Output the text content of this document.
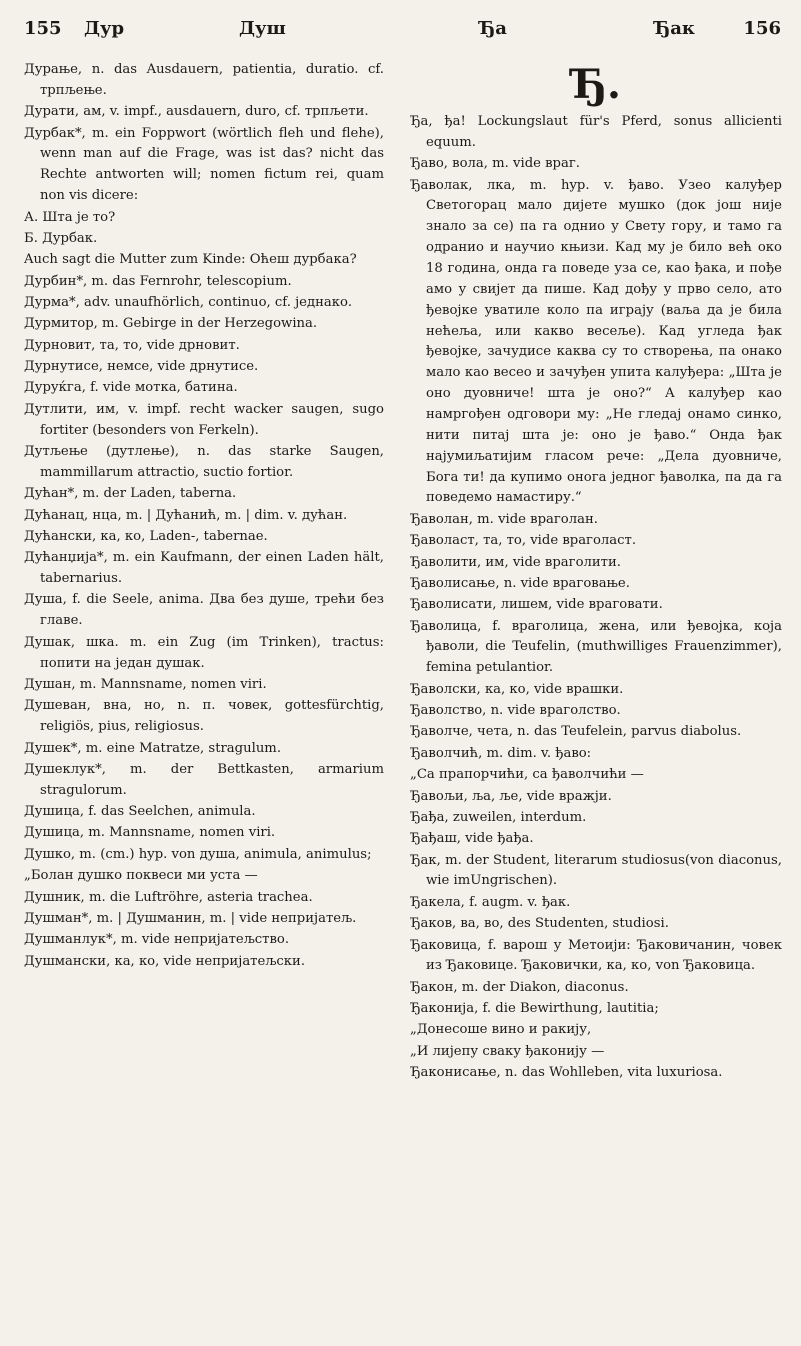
155 Дур	Душ	Ђа	Ђак	156
Дурање, n. das Ausdauern, patientia, duratio. cf. трпљење.
Дурати, ам, v. impf., ausdauern, duro, cf. трпљети.
Дурбак*, m. ein Foppwort (wörtlich fleh und flehe), wenn man auf die Frage, was ist das? nicht das Rechte antworten will; nomen fictum rei, quam non vis dicere:
А. Шта је то?
Б. Дурбак.
Auch sagt die Mutter zum Kinde: Oћеш дурбака?
Дурбин*, m. das Fernrohr, telescopium.
Дурма*, adv. unaufhörlich, continuo, cf. једнако.
Дурмитор, m. Gebirge in der Herzegowina.
Дурновит, та, то, vide дрновит.
Дурнутисе, немсе, vide дрнутисе.
Дуруќга, f. vide мотка, батина.
Дутлити, им, v. impf. recht wacker saugen, sugo fortiter (besonders von Ferkeln).
Дутљење (дутлење), n. das starke Saugen, mammillarum attractio, suctio fortior.
Дућан*, m. der Laden, taberna.
Дућанац, нца, m. | Дућанић, m. | dim. v. дућан.
Дућански, ка, ко, Laden-, tabernae.
Дућанџија*, m. ein Kaufmann, der einen Laden hält, tabernarius.
Душа, f. die Seele, anima. Два без душе, трећи без главе.
Душак, шка. m. ein Zug (im Trinken), tractus: попити на један душак.
Душан, m. Mannsname, nomen viri.
Душеван, вна, но, n. п. човек, gottesfürchtig, religiös, pius, religiosus.
Душек*, m. eine Matratze, stragulum.
Душеклук*, m. der Bettkasten, armarium stragulorum.
Душица, f. das Seelchen, animula.
Душица, m. Mannsname, nomen viri.
Душко, m. (cm.) hyp. von душа, animula, animulus;
„Болан душко поквеси ми уста —
Душник, m. die Luftröhre, asteria trachea.
Душман*, m. | Душманин, m. | vide непријатељ.
Душманлук*, m. vide непријатељство.
Душмански, ка, ко, vide непријатељски.
Ђ.
Ђа, ђа! Lockungslaut für's Pferd, sonus allicienti equum.
Ђаво, вола, m. vide враг.
Ђаволак, лка, m. hyp. v. ђаво. Узео калуђер Светогорац мало дијете мушко (док још није знало за се) па га однио у Свету гору, и тамо га одранио и научио књизи. Кад му је било већ око 18 година, онда га поведе уза се, као ђака, и пође амо у свијет да пише. Кад дођу у прво село, ато ђевојке уватиле коло па играју (ваља да је била нећеља, или какво весеље). Кад угледа ђак ђевојке, зачудисе каква су то створења, па онако мало као весео и зачуђен упита калуђера: „Шта је оно дуовниче! шта је оно?“ А калуђер као намргођен одговори му: „Не гледај онамо синко, нити питај шта је: оно је ђаво.“ Онда ђак најумиљатијим гласом рече: „Дела дуовниче, Бога ти! да купимо онога једног ђаволка, па да га поведемо намастиру.“
Ђаволан, m. vide враголан.
Ђаволаст, та, то, vide враголаст.
Ђаволити, им, vide враголити.
Ђаволисање, n. vide враговање.
Ђаволисати, лишем, vide враговати.
Ђаволица, f. враголица, жена, или ђевојка, која ђаволи, die Teufelin, (muthwilliges Frauenzimmer), femina petulantior.
Ђаволски, ка, ко, vide врашки.
Ђаволство, n. vide враголство.
Ђаволче, чета, n. das Teufelein, parvus diabolus.
Ђаволчић, m. dim. v. ђаво:
„Са прапорчићи, са ђаволчићи —
Ђавољи, ља, ље, vide вражји.
Ђађа, zuweilen, interdum.
Ђађаш, vide ђађа.
Ђак, m. der Student, literarum studiosus(von diaconus, wie imUngrischen).
Ђакела, f. augm. v. ђак.
Ђаков, ва, во, des Studenten, studiosi.
Ђаковица, f. варош у Метоији: Ђаковичанин, човек из Ђаковице. Ђаковички, ка, ко, von Ђаковица.
Ђакон, m. der Diakon, diaconus.
Ђаконија, f. die Bewirthung, lautitia;
„Донесоше вино и ракију,
„И лијепу сваку ђаконију —
Ђаконисање, n. das Wohlleben, vita luxuriosa.
